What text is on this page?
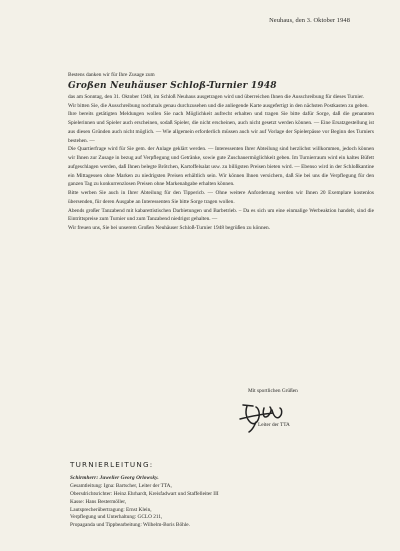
Neuhaus, den 3. Oktober 1948

Bestens danken wir für Ihre Zusage zum

Großen Neuhäuser Schloß-Turnier 1948

das am Sonntag, den 31. Oktober 1948, im Schloß Neuhaus ausgetragen wird und überreichen Ihnen die Ausschreibung für dieses Turnier.

Wir bitten Sie, die Ausschreibung nochmals genau durchzusehen und die anliegende Karte ausgefertigt in den nächsten Postkasten zu geben.

Ihre bereits getätigten Meldungen wollen Sie nach Möglichkeit aufrecht erhalten und tragen Sie bitte dafür Sorge, daß die genannten Spielerinnen und Spieler auch erscheinen, sodaß Spieler, die nicht erscheinen, auch nicht gesetzt werden können. — Eine Ersatzgestellung ist aus diesen Gründen auch nicht möglich. — Wie allgemein erforderlich müssen auch wir auf Vorlage der Spielerpässe vor Beginn des Turniers bestehen. —

Die Quartierfrage wird für Sie gem. der Anlage geklärt werden. — Interessenten Ihrer Abteilung sind herzlichst willkommen, jedoch können wir Ihnen zur Zusage in bezug auf Verpflegung und Getränke, sowie gute Zuschauermöglichkeit geben. Im Turnierraum wird ein kaltes Büfett aufgeschlagen werden, daß Ihnen belegte Brötchen, Kartoffelsalat usw. zu billigsten Preisen bieten wird. — Ebenso wird in der Schloßkantine ein Mittagessen ohne Marken zu niedrigsten Preisen erhältlich sein. Wir können Ihnen versichern, daß Sie bei uns die Verpflegung für den ganzen Tag zu konkurrenzlosen Preisen ohne Markenabgabe erhalten können.

Bitte werben Sie auch in Ihrer Abteilung für den Tippericb. — Ohne weitere Anforderung werden wir Ihnen 20 Exemplare kostenlos übersenden, für deren Ausgabe an Interessenten Sie bitte Sorge tragen wollen.

Abends großer Tanzabend mit kabarettistischen Darbietungen und Barbetrieb. – Da es sich um eine einmalige Werbeaktion handelt, sind die Eintrittspreise zum Turnier und zum Tanzabend niedrigst gehalten. —

Wir freuen uns, Sie bei unserem Großen Neuhäuser Schloß-Turnier 1948 begrüßen zu können.

Mit sportlichen Grüßen
Leiter der TTA
TURNIERLEITUNG:
Schirmherr: Juwelier Georg Orlowsky.
Gesamtleitung: Igna: Bartscher, Leiter der TTA,
Obersdrichtsrichter: Heinz Ehrhardt, Kreisfadwart und Staffelleiter III
Kasse: Hans Bestermöller,
Lautsprecherübertragung: Ernst Klein,
Verpflegung und Unterhaltung: GCLO 211,
Propaganda und Tippbearbeitung: Wilhelm-Boris Böhle.
